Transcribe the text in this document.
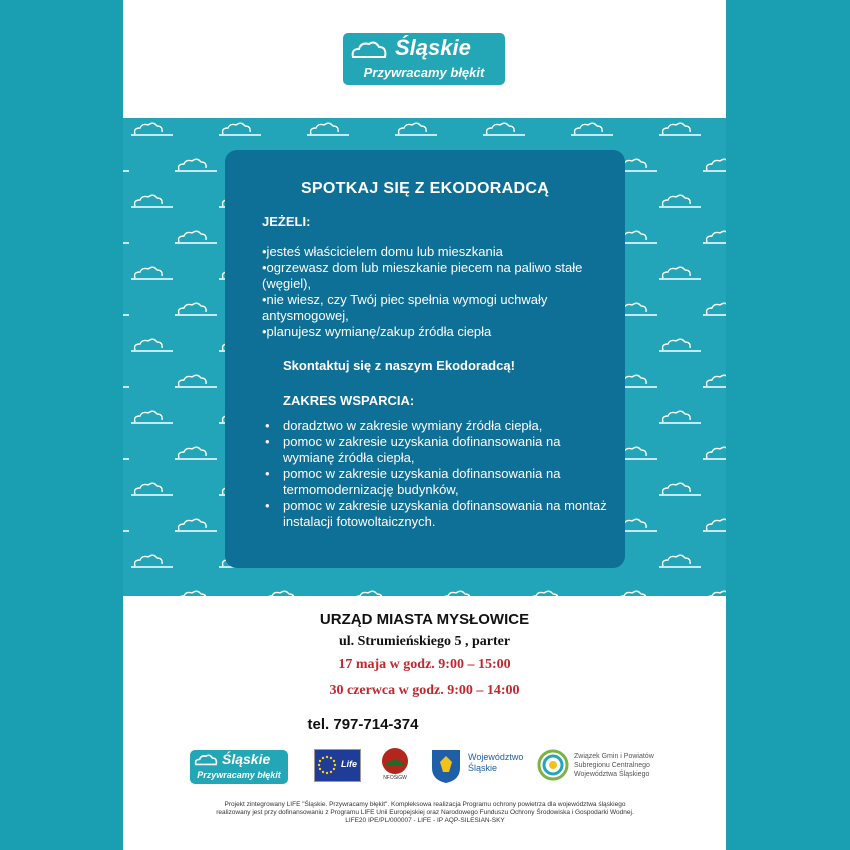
Śląskie
Przywracamy błękit
SPOTKAJ SIĘ Z EKODORADCĄ
JEŻELI:
•jesteś właścicielem domu lub mieszkania
•ogrzewasz dom lub mieszkanie piecem na paliwo stałe (węgiel),
•nie wiesz, czy Twój piec spełnia wymogi uchwały antysmogowej,
•planujesz wymianę/zakup źródła ciepła
Skontaktuj się z naszym Ekodoradcą!
ZAKRES WSPARCIA:
• doradztwo w zakresie wymiany źródła ciepła,
• pomoc w zakresie uzyskania dofinansowania na wymianę źródła ciepła,
• pomoc w zakresie uzyskania dofinansowania na termomodernizację budynków,
• pomoc w zakresie uzyskania dofinansowania na montaż instalacji fotowoltaicznych.
URZĄD MIASTA MYSŁOWICE
ul. Strumieńskiego 5 , parter
17 maja w godz. 9:00 – 15:00
30 czerwca w godz. 9:00 – 14:00
tel. 797-714-374
Śląskie
Przywracamy błękit
Life
NFOŚiGW
Województwo
Śląskie
Związek Gmin i Powiatów
Subregionu Centralnego
Województwa Śląskiego
Projekt zintegrowany LIFE "Śląskie. Przywracamy błękit". Kompleksowa realizacja Programu ochrony powietrza dla województwa śląskiego
realizowany jest przy dofinansowaniu z Programu LIFE Unii Europejskiej oraz Narodowego Funduszu Ochrony Środowiska i Gospodarki Wodnej.
LIFE20 IPE/PL/000007 - LIFE - IP AQP-SILESIAN-SKY
